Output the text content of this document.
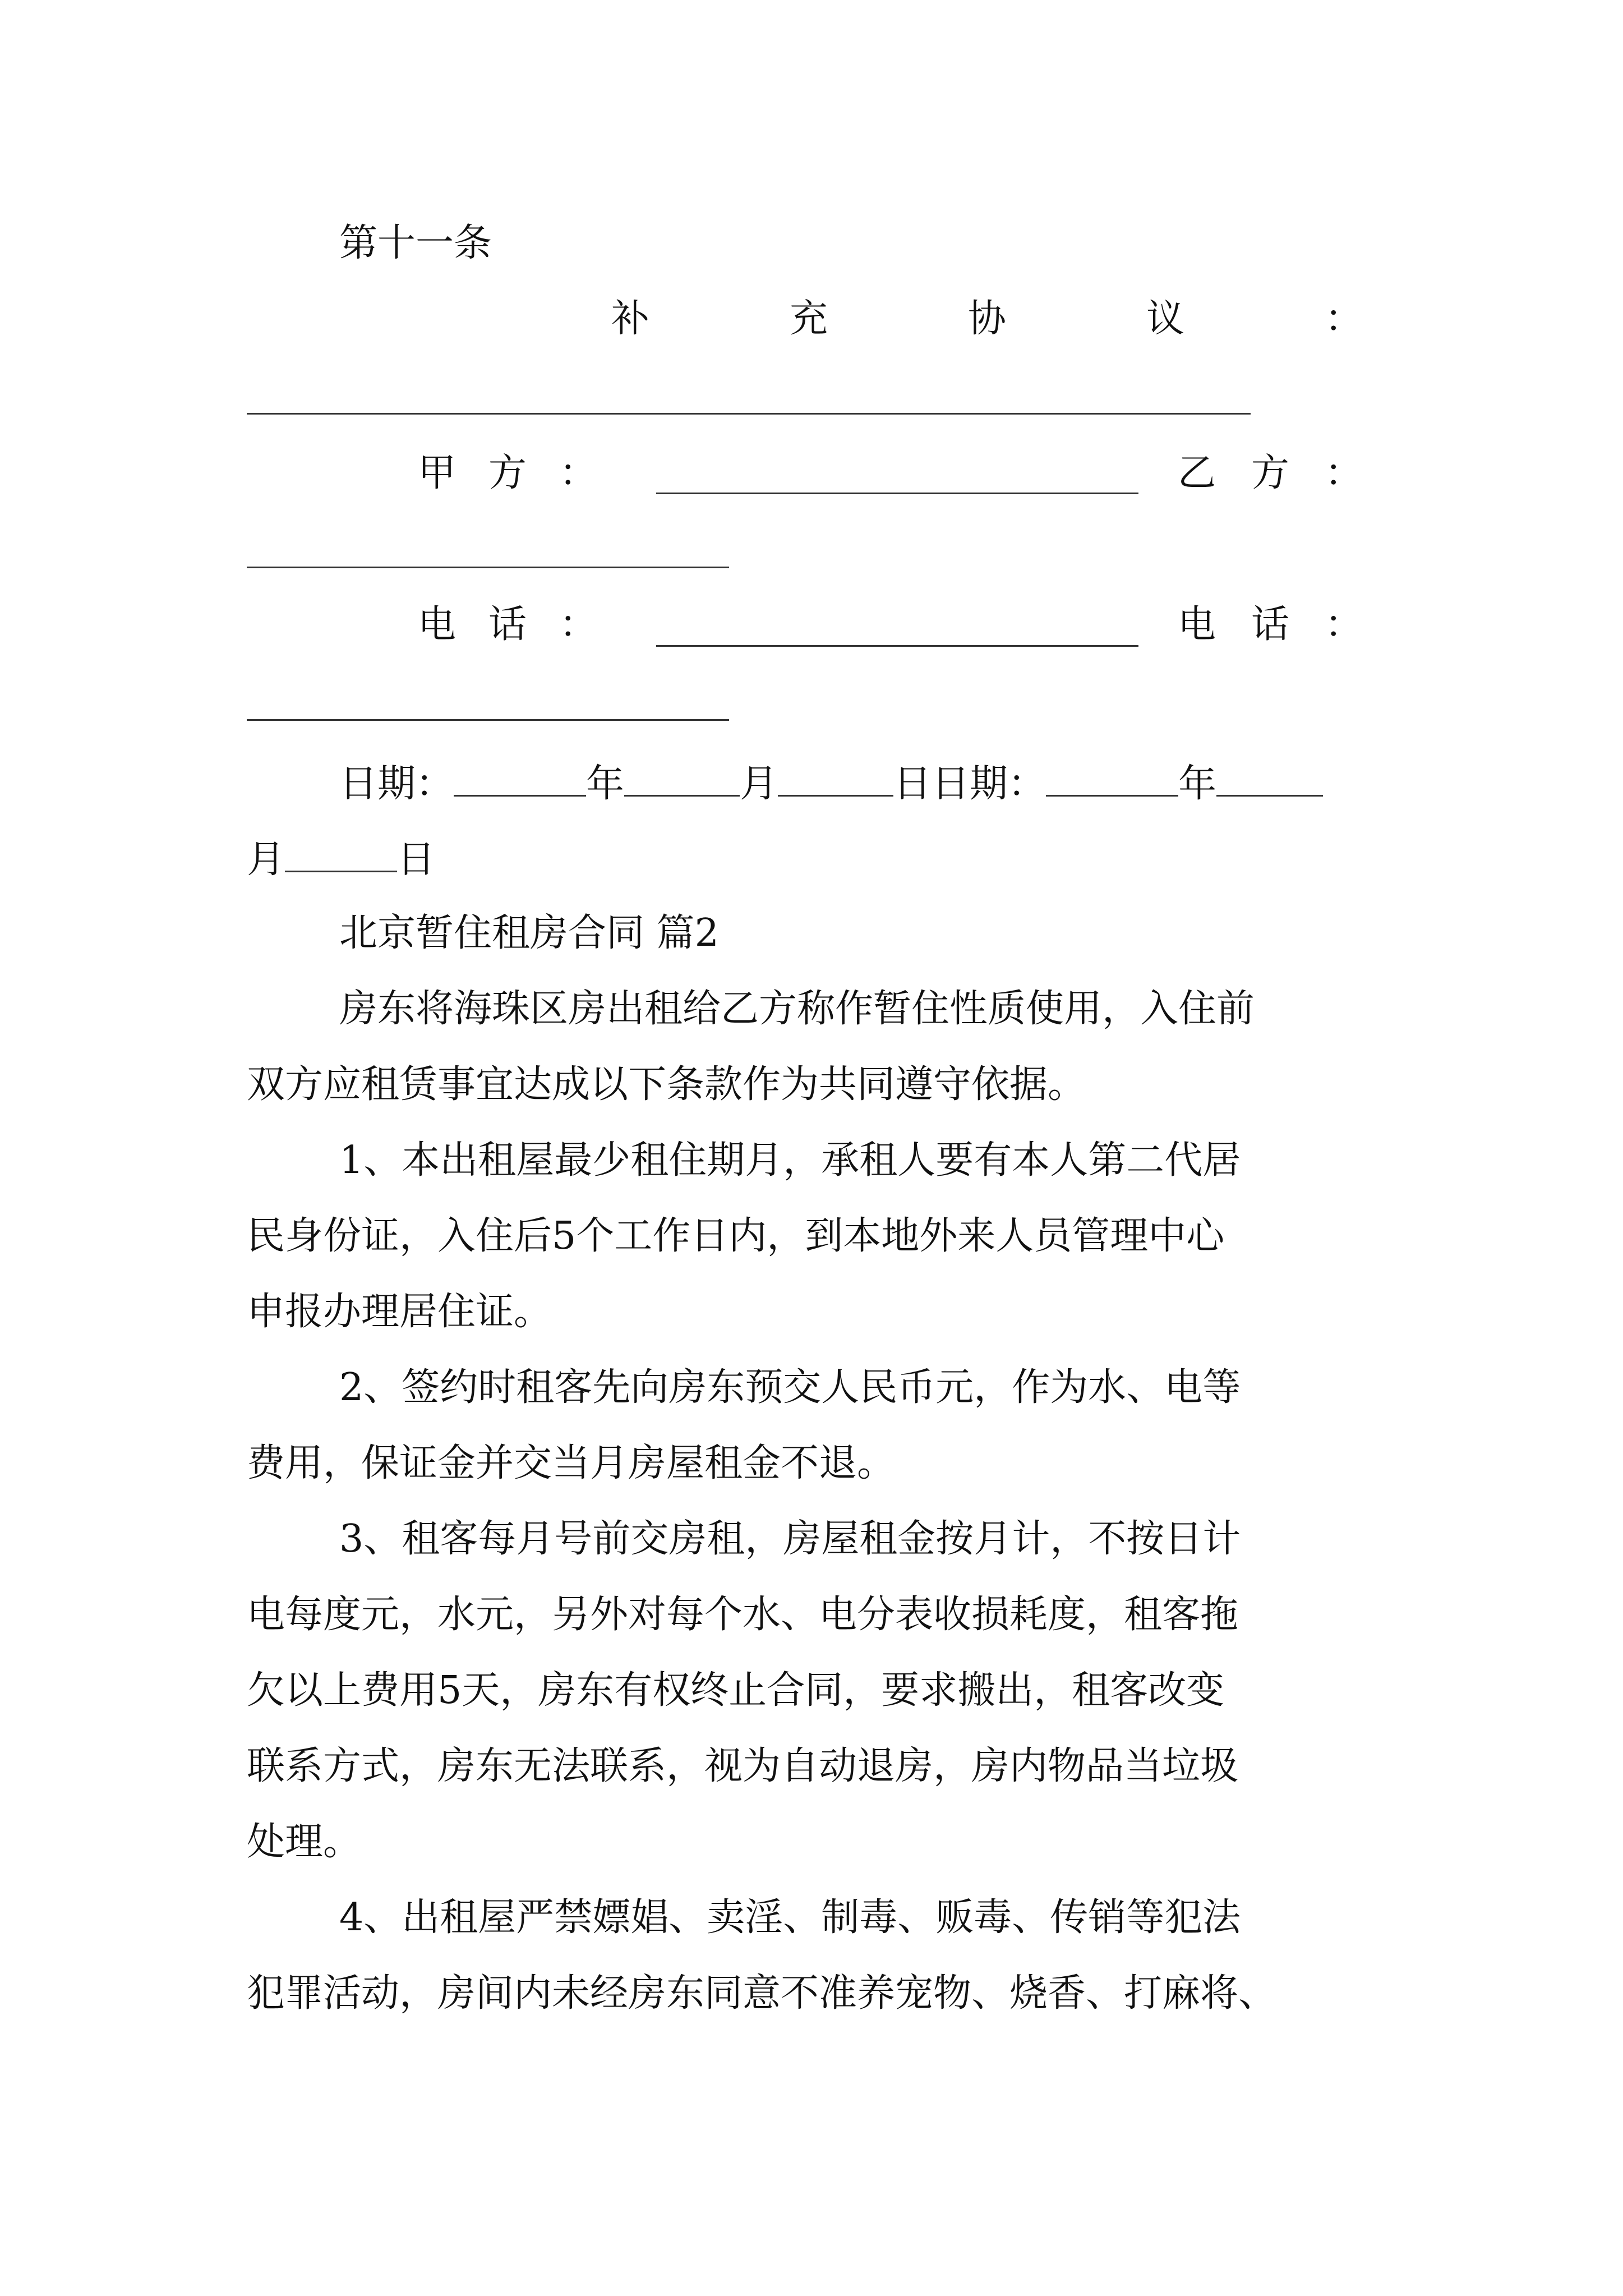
第十一条
补	充	协	议	：
甲 方 ：	乙 方 ：
电 话 ：	电 话 ：
日期：	年	月	日日期：	年
月	日
北京暂住租房合同 篇2
房东将海珠区房出租给乙方称作暂住性质使用，入住前
双方应租赁事宜达成以下条款作为共同遵守依据。
1、本出租屋最少租住期月，承租人要有本人第二代居
民身份证，入住后5个工作日内，到本地外来人员管理中心
申报办理居住证。
2、签约时租客先向房东预交人民币元，作为水、电等
费用，保证金并交当月房屋租金不退。
3、租客每月号前交房租，房屋租金按月计，不按日计
电每度元，水元，另外对每个水、电分表收损耗度，租客拖
欠以上费用5天，房东有权终止合同，要求搬出，租客改变
联系方式，房东无法联系，视为自动退房，房内物品当垃圾
处理。
4、出租屋严禁嫖娼、卖淫、制毒、贩毒、传销等犯法
犯罪活动，房间内未经房东同意不准养宠物、烧香、打麻将、
